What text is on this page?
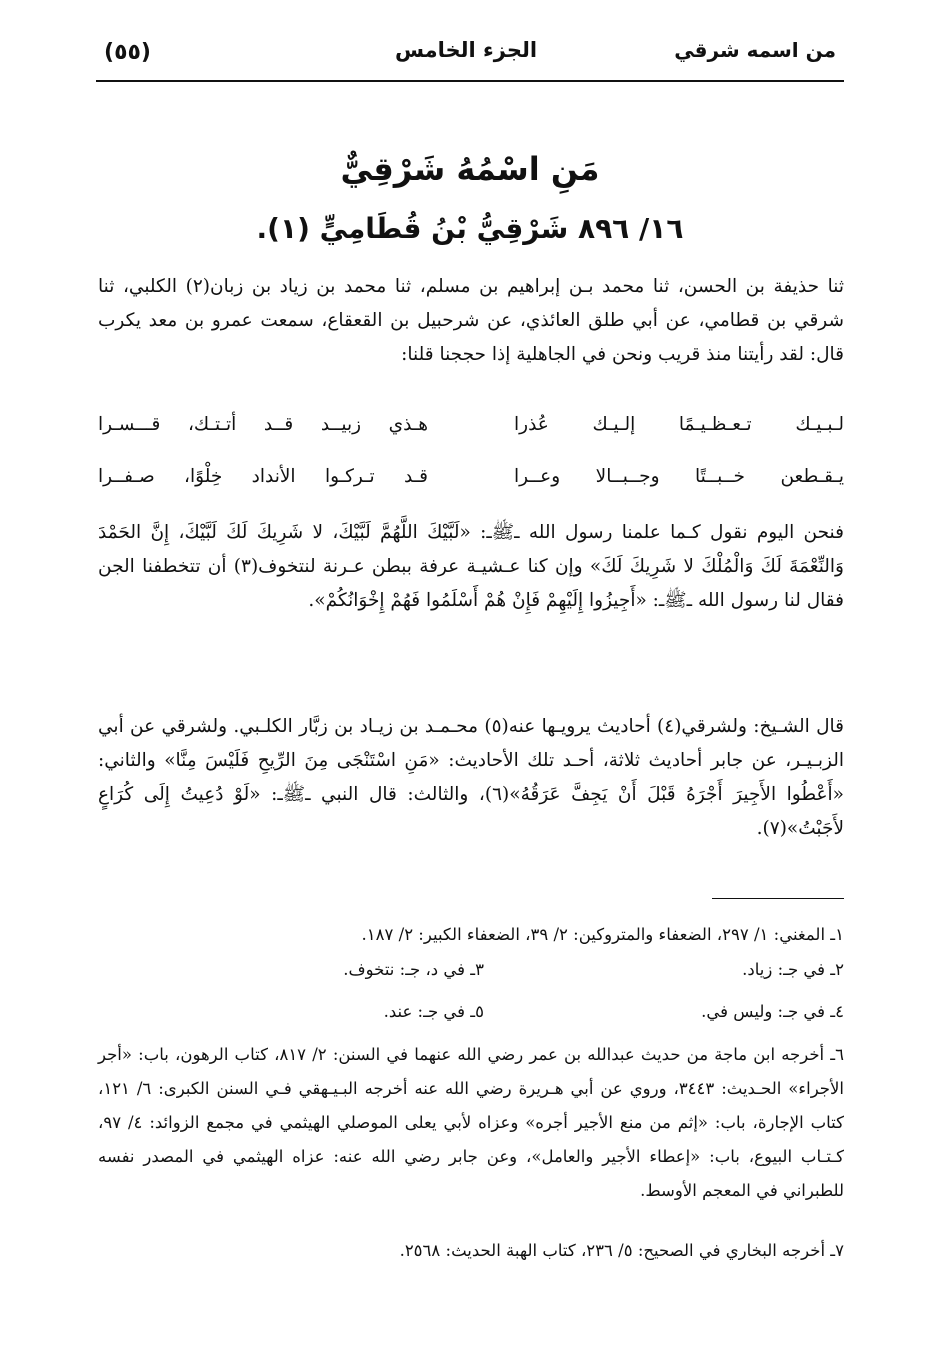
(٥٥)	الجزء الخامس	من اسمه شرقي
مَنِ اسْمُهُ شَرْقِيٌّ
١٦/ ٨٩٦ شَرْقِيُّ بْنُ قُطَامِيٍّ (١).
ثنا حذيفة بن الحسن، ثنا محمد بـن إبراهيم بن مسلم، ثنا محمد بن زياد بن زبان(٢) الكلبي، ثنا شرقي بن قطامي، عن أبي طلق العائذي، عن شرحبيل بن القعقاع، سمعت عمرو بن معد يكرب قال: لقد رأيتنا منذ قريب ونحن في الجاهلية إذا حججنا قلنا:
لـبـيـك تـعـظـيـمًا إلـيـك عُذرا
هـذي زبيــد قــد أتـتـك، قـــسـرا
يـقـطعن خــبــتًا وجــبــالا وعــرا
قـد تـركـوا الأنداد خِلْوًا، صـفــرا
فنحن اليوم نقول كـما علمنا رسول الله ـﷺـ: «لَبَّيْكَ اللَّهُمَّ لَبَّيْكَ، لا شَرِيكَ لَكَ لَبَّيْكَ، إِنَّ الحَمْدَ وَالنِّعْمَةَ لَكَ وَالْمُلْكَ لا شَرِيكَ لَكَ» وإن كنا عـشيـة عرفة ببطن عـرنة لنتخوف(٣) أن تتخطفنا الجن فقال لنا رسول الله ـﷺـ: «أَجِيزُوا إِلَيْهِمْ فَإِنْ هُمْ أَسْلَمُوا فَهُمْ إِخْوَانُكُمْ».
قال الشـيخ: ولشرقي(٤) أحاديث يرويـها عنه(٥) محـمـد بن زيـاد بن زبَّار الكلـبي. ولشرقي عن أبي الزبـيـر، عن جابر أحاديث ثلاثة، أحـد تلك الأحاديث: «مَنِ اسْتَنْجَى مِنَ الرِّيحِ فَلَيْسَ مِنَّا» والثاني: «أَعْطُوا الأَجِيرَ أَجْرَهُ قَبْلَ أَنْ يَجِفَّ عَرَقُهُ»(٦)، والثالث: قال النبي ـﷺـ: «لَوْ دُعِيتُ إِلَى كُرَاعٍ لأَجَبْتُ»(٧).
١ـ المغني: ١/ ٢٩٧، الضعفاء والمتروكين: ٢/ ٣٩، الضعفاء الكبير: ٢/ ١٨٧.
٢ـ في جـ: زياد.
٣ـ في د، جـ: نتخوف.
٤ـ في جـ: وليس في.
٥ـ في جـ: عند.
٦ـ أخرجه ابن ماجة من حديث عبدالله بن عمر رضي الله عنهما في السنن: ٢/ ٨١٧، كتاب الرهون، باب: «أجر الأجراء» الحـديث: ٣٤٤٣، وروي عن أبي هـريرة رضي الله عنه أخرجه البـيـهقي فـي السنن الكبرى: ٦/ ١٢١، كتاب الإجارة، باب: «إثم من منع الأجير أجره» وعزاه لأبي يعلى الموصلي الهيثمي في مجمع الزوائد: ٤/ ٩٧، كـتـاب البيوع، باب: «إعطاء الأجير والعامل»، وعن جابر رضي الله عنه: عزاه الهيثمي في المصدر نفسه للطبراني في المعجم الأوسط.
٧ـ أخرجه البخاري في الصحيح: ٥/ ٢٣٦، كتاب الهبة الحديث: ٢٥٦٨.
